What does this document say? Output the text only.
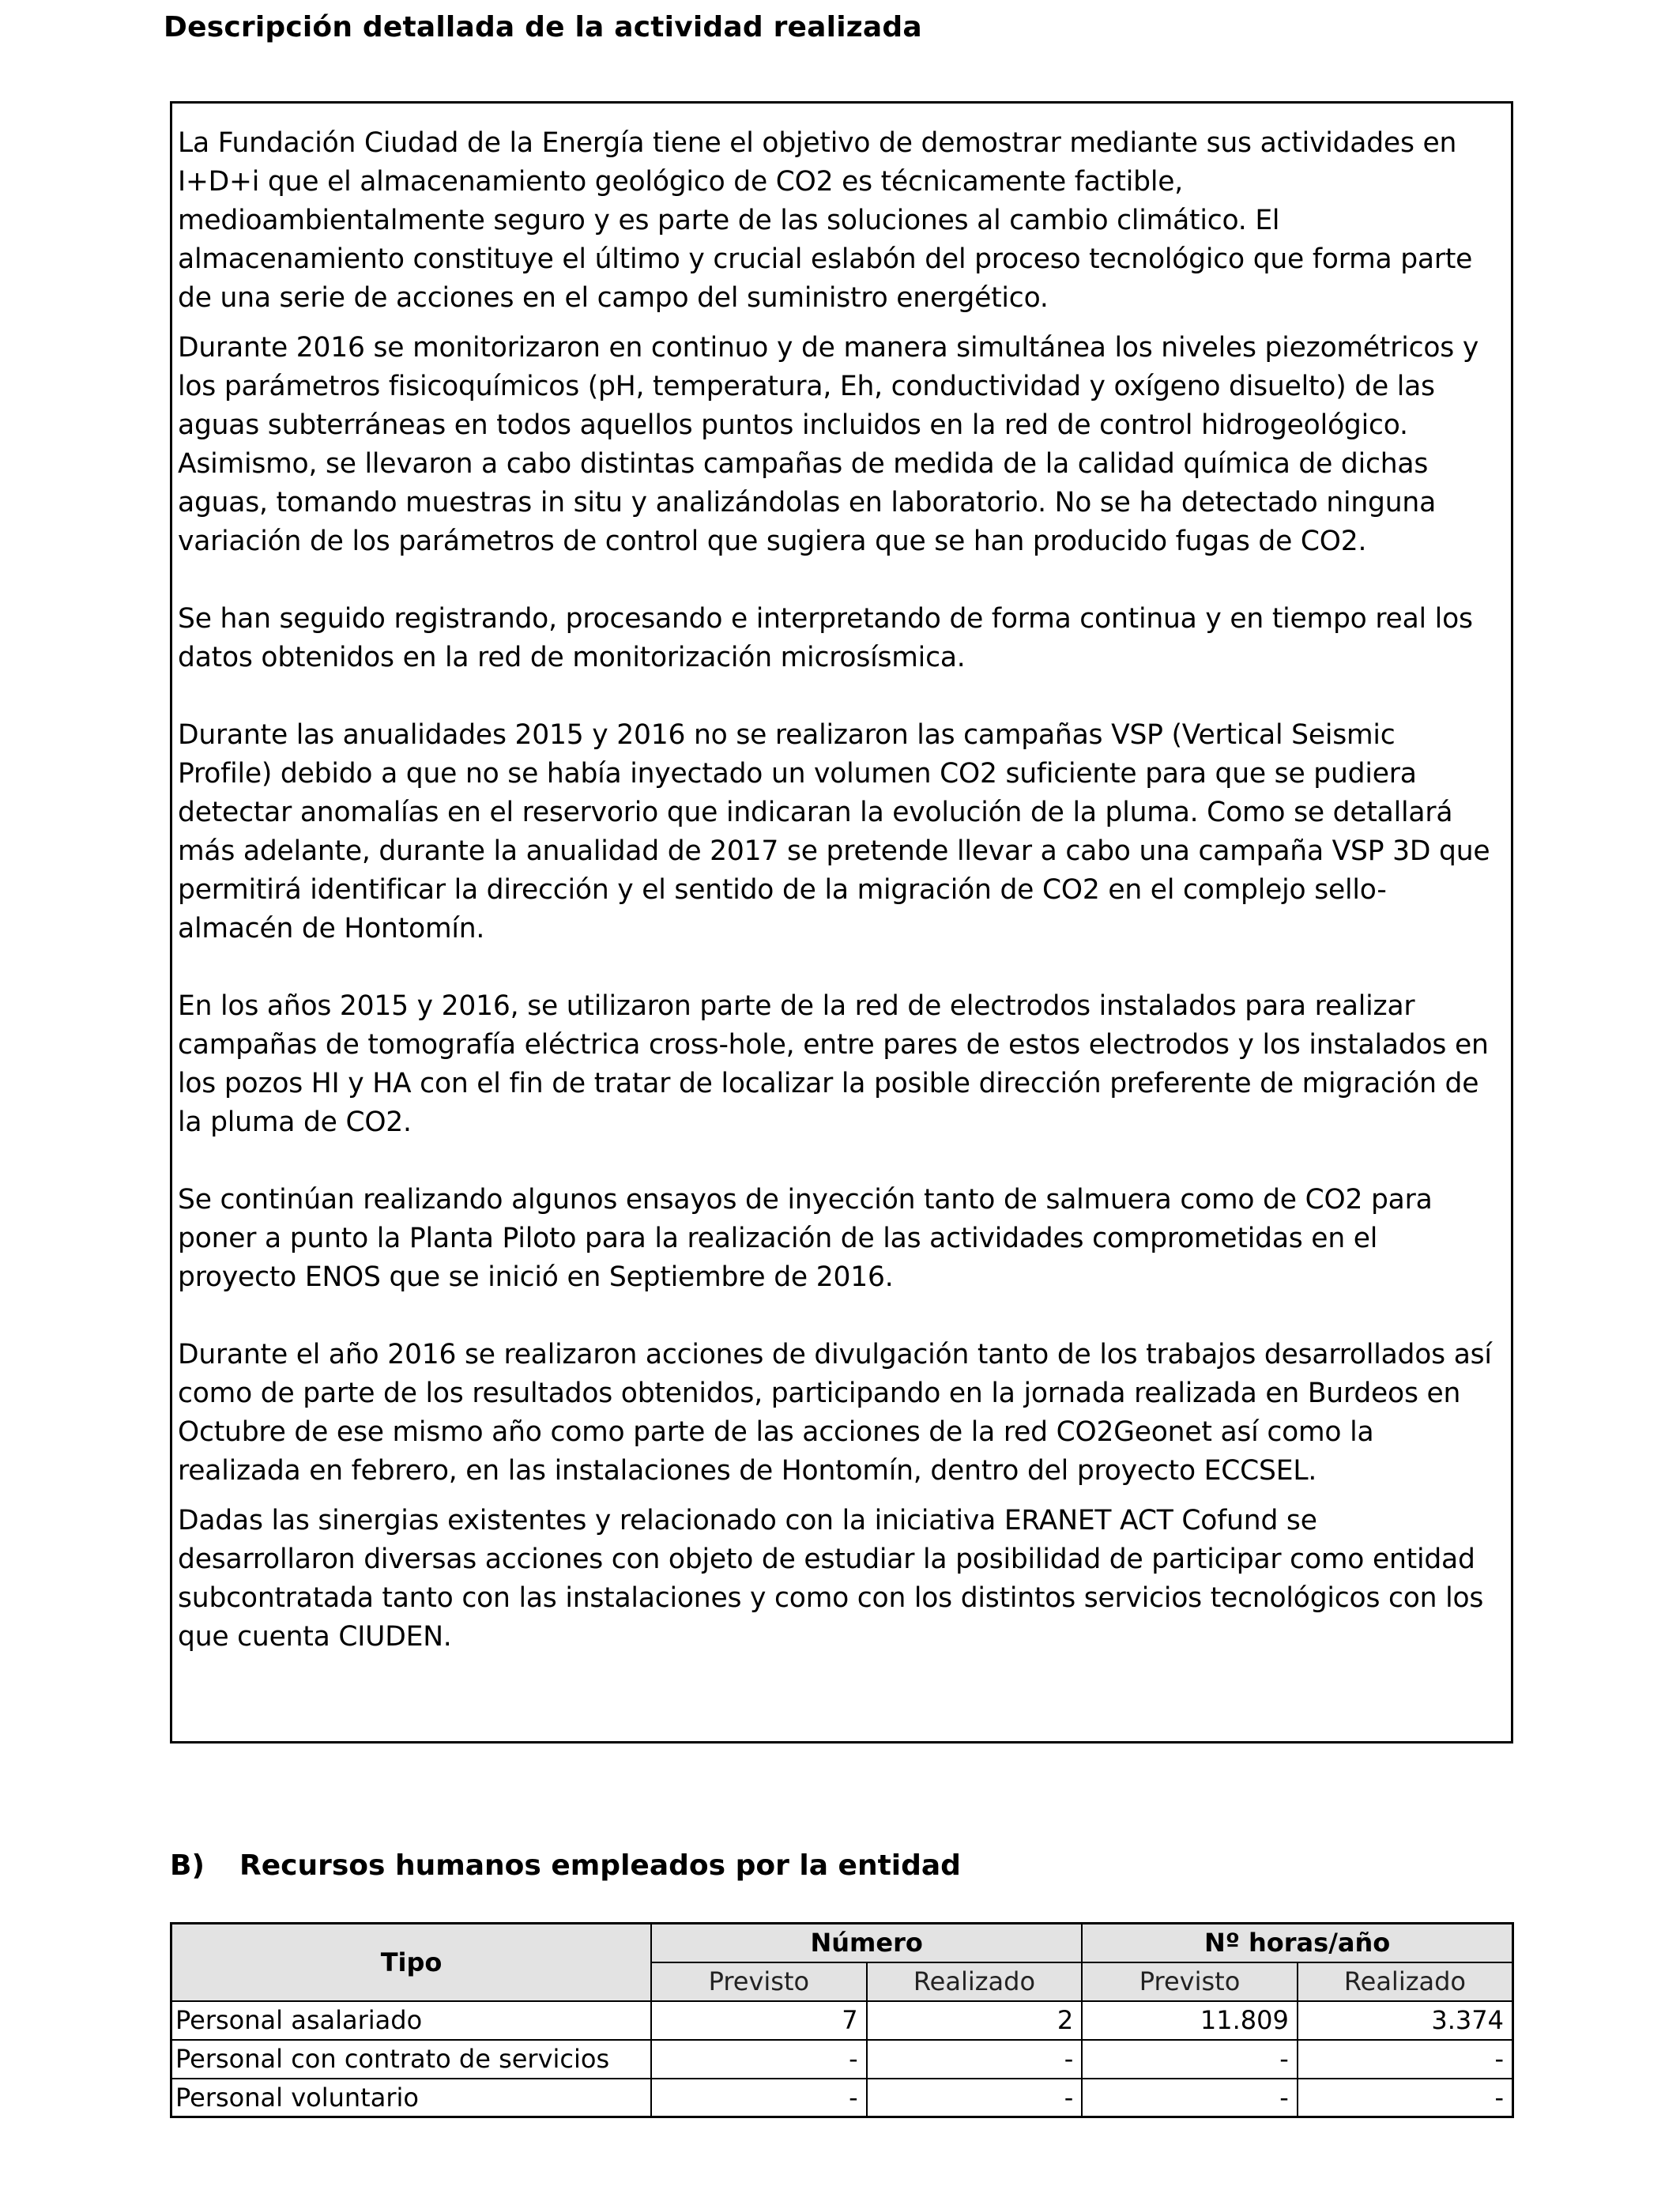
Descripción detallada de la actividad realizada

La Fundación Ciudad de la Energía tiene el objetivo de demostrar mediante sus actividades en I+D+i que el almacenamiento geológico de CO2 es técnicamente factible, medioambientalmente seguro y es parte de las soluciones al cambio climático. El almacenamiento constituye el último y crucial eslabón del proceso tecnológico que forma parte de una serie de acciones en el campo del suministro energético.

Durante 2016 se monitorizaron en continuo y de manera simultánea los niveles piezométricos y los parámetros fisicoquímicos (pH, temperatura, Eh, conductividad y oxígeno disuelto) de las aguas subterráneas en todos aquellos puntos incluidos en la red de control hidrogeológico. Asimismo, se llevaron a cabo distintas campañas de medida de la calidad química de dichas aguas, tomando muestras in situ y analizándolas en laboratorio. No se ha detectado ninguna variación de los parámetros de control que sugiera que se han producido fugas de CO2.

Se han seguido registrando, procesando e interpretando de forma continua y en tiempo real los datos obtenidos en la red de monitorización microsísmica.

Durante las anualidades 2015 y 2016 no se realizaron las campañas VSP (Vertical Seismic Profile) debido a que no se había inyectado un volumen CO2 suficiente para que se pudiera detectar anomalías en el reservorio que indicaran la evolución de la pluma. Como se detallará más adelante, durante la anualidad de 2017 se pretende llevar a cabo una campaña VSP 3D que permitirá identificar la dirección y el sentido de la migración de CO2 en el complejo sello-almacén de Hontomín.

En los años 2015 y 2016, se utilizaron parte de la red de electrodos instalados para realizar campañas de tomografía eléctrica cross-hole, entre pares de estos electrodos y los instalados en los pozos HI y HA con el fin de tratar de localizar la posible dirección preferente de migración de la pluma de CO2.

Se continúan realizando algunos ensayos de inyección tanto de salmuera como de CO2 para poner a punto la Planta Piloto para la realización de las actividades comprometidas en el proyecto ENOS que se inició en Septiembre de 2016.

Durante el año 2016 se realizaron acciones de divulgación tanto de los trabajos desarrollados así como de parte de los resultados obtenidos, participando en la jornada realizada en Burdeos en Octubre de ese mismo año como parte de las acciones de la red CO2Geonet así como la realizada en febrero, en las instalaciones de Hontomín, dentro del proyecto ECCSEL.

Dadas las sinergias existentes y relacionado con la iniciativa ERANET ACT Cofund se desarrollaron diversas acciones con objeto de estudiar la posibilidad de participar como entidad subcontratada tanto con las instalaciones y como con los distintos servicios tecnológicos con los que cuenta CIUDEN.

B) Recursos humanos empleados por la entidad
Tipo	Número		Nº horas/año	
	Previsto	Realizado	Previsto	Realizado
Personal asalariado	7	2	11.809	3.374
Personal con contrato de servicios	-	-	-	-
Personal voluntario	-	-	-	-
